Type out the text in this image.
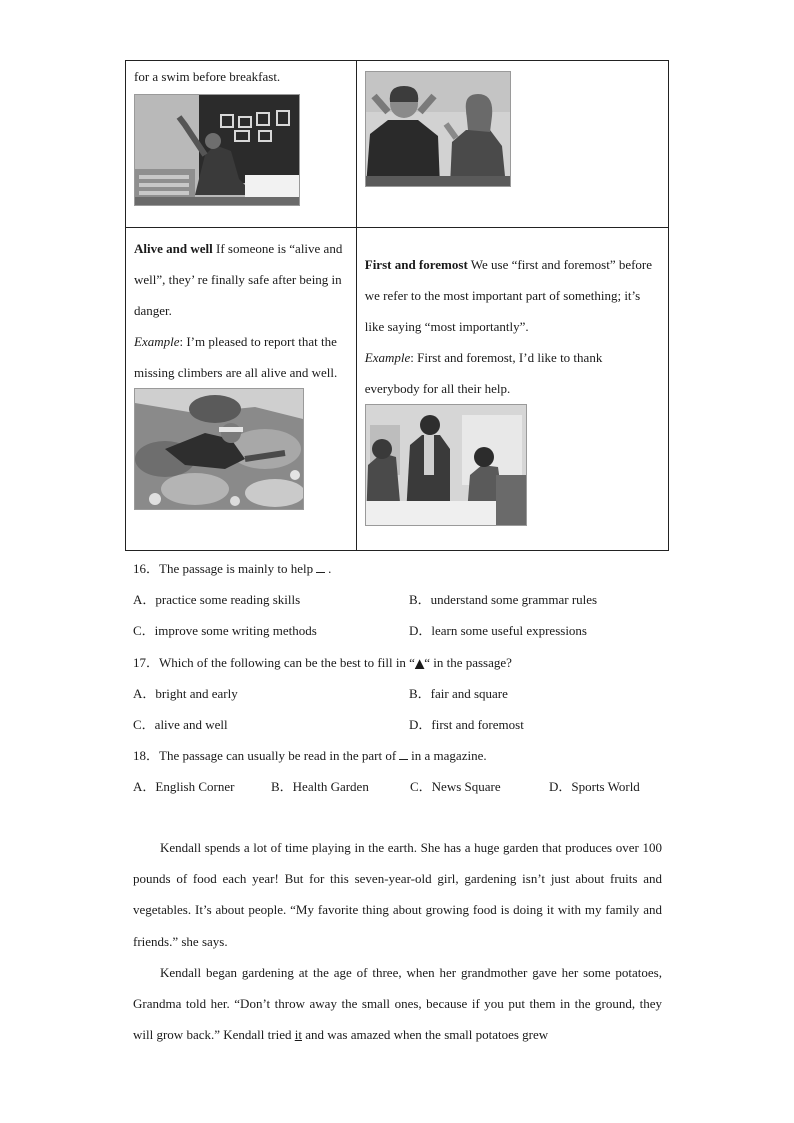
for a swim before breakfast.

Alive and well If someone is “alive and well”, they’ re finally safe after being in danger.
Example: I’m pleased to report that the missing climbers are all alive and well.	First and foremost We use “first and foremost” before we refer to the most important part of something; it’s like saying “most importantly”.
Example: First and foremost, I’d like to thank everybody for all their help.
16．The passage is mainly to help .
A．practice some reading skills	B．understand some grammar rules
C．improve some writing methods	D．learn some useful expressions
17．Which of the following can be the best to fill in “▲“ in the passage?
A．bright and early	B．fair and square
C．alive and well	D．first and foremost
18．The passage can usually be read in the part of in a magazine.
A．English Corner	B．Health Garden	C．News Square	D．Sports World

Kendall spends a lot of time playing in the earth. She has a huge garden that produces over 100 pounds of food each year! But for this seven-year-old girl, gardening isn’t just about fruits and vegetables. It’s about people. “My favorite thing about growing food is doing it with my family and friends.” she says.

Kendall began gardening at the age of three, when her grandmother gave her some potatoes, Grandma told her. “Don’t throw away the small ones, because if you put them in the ground, they will grow back.” Kendall tried it and was amazed when the small potatoes grew
